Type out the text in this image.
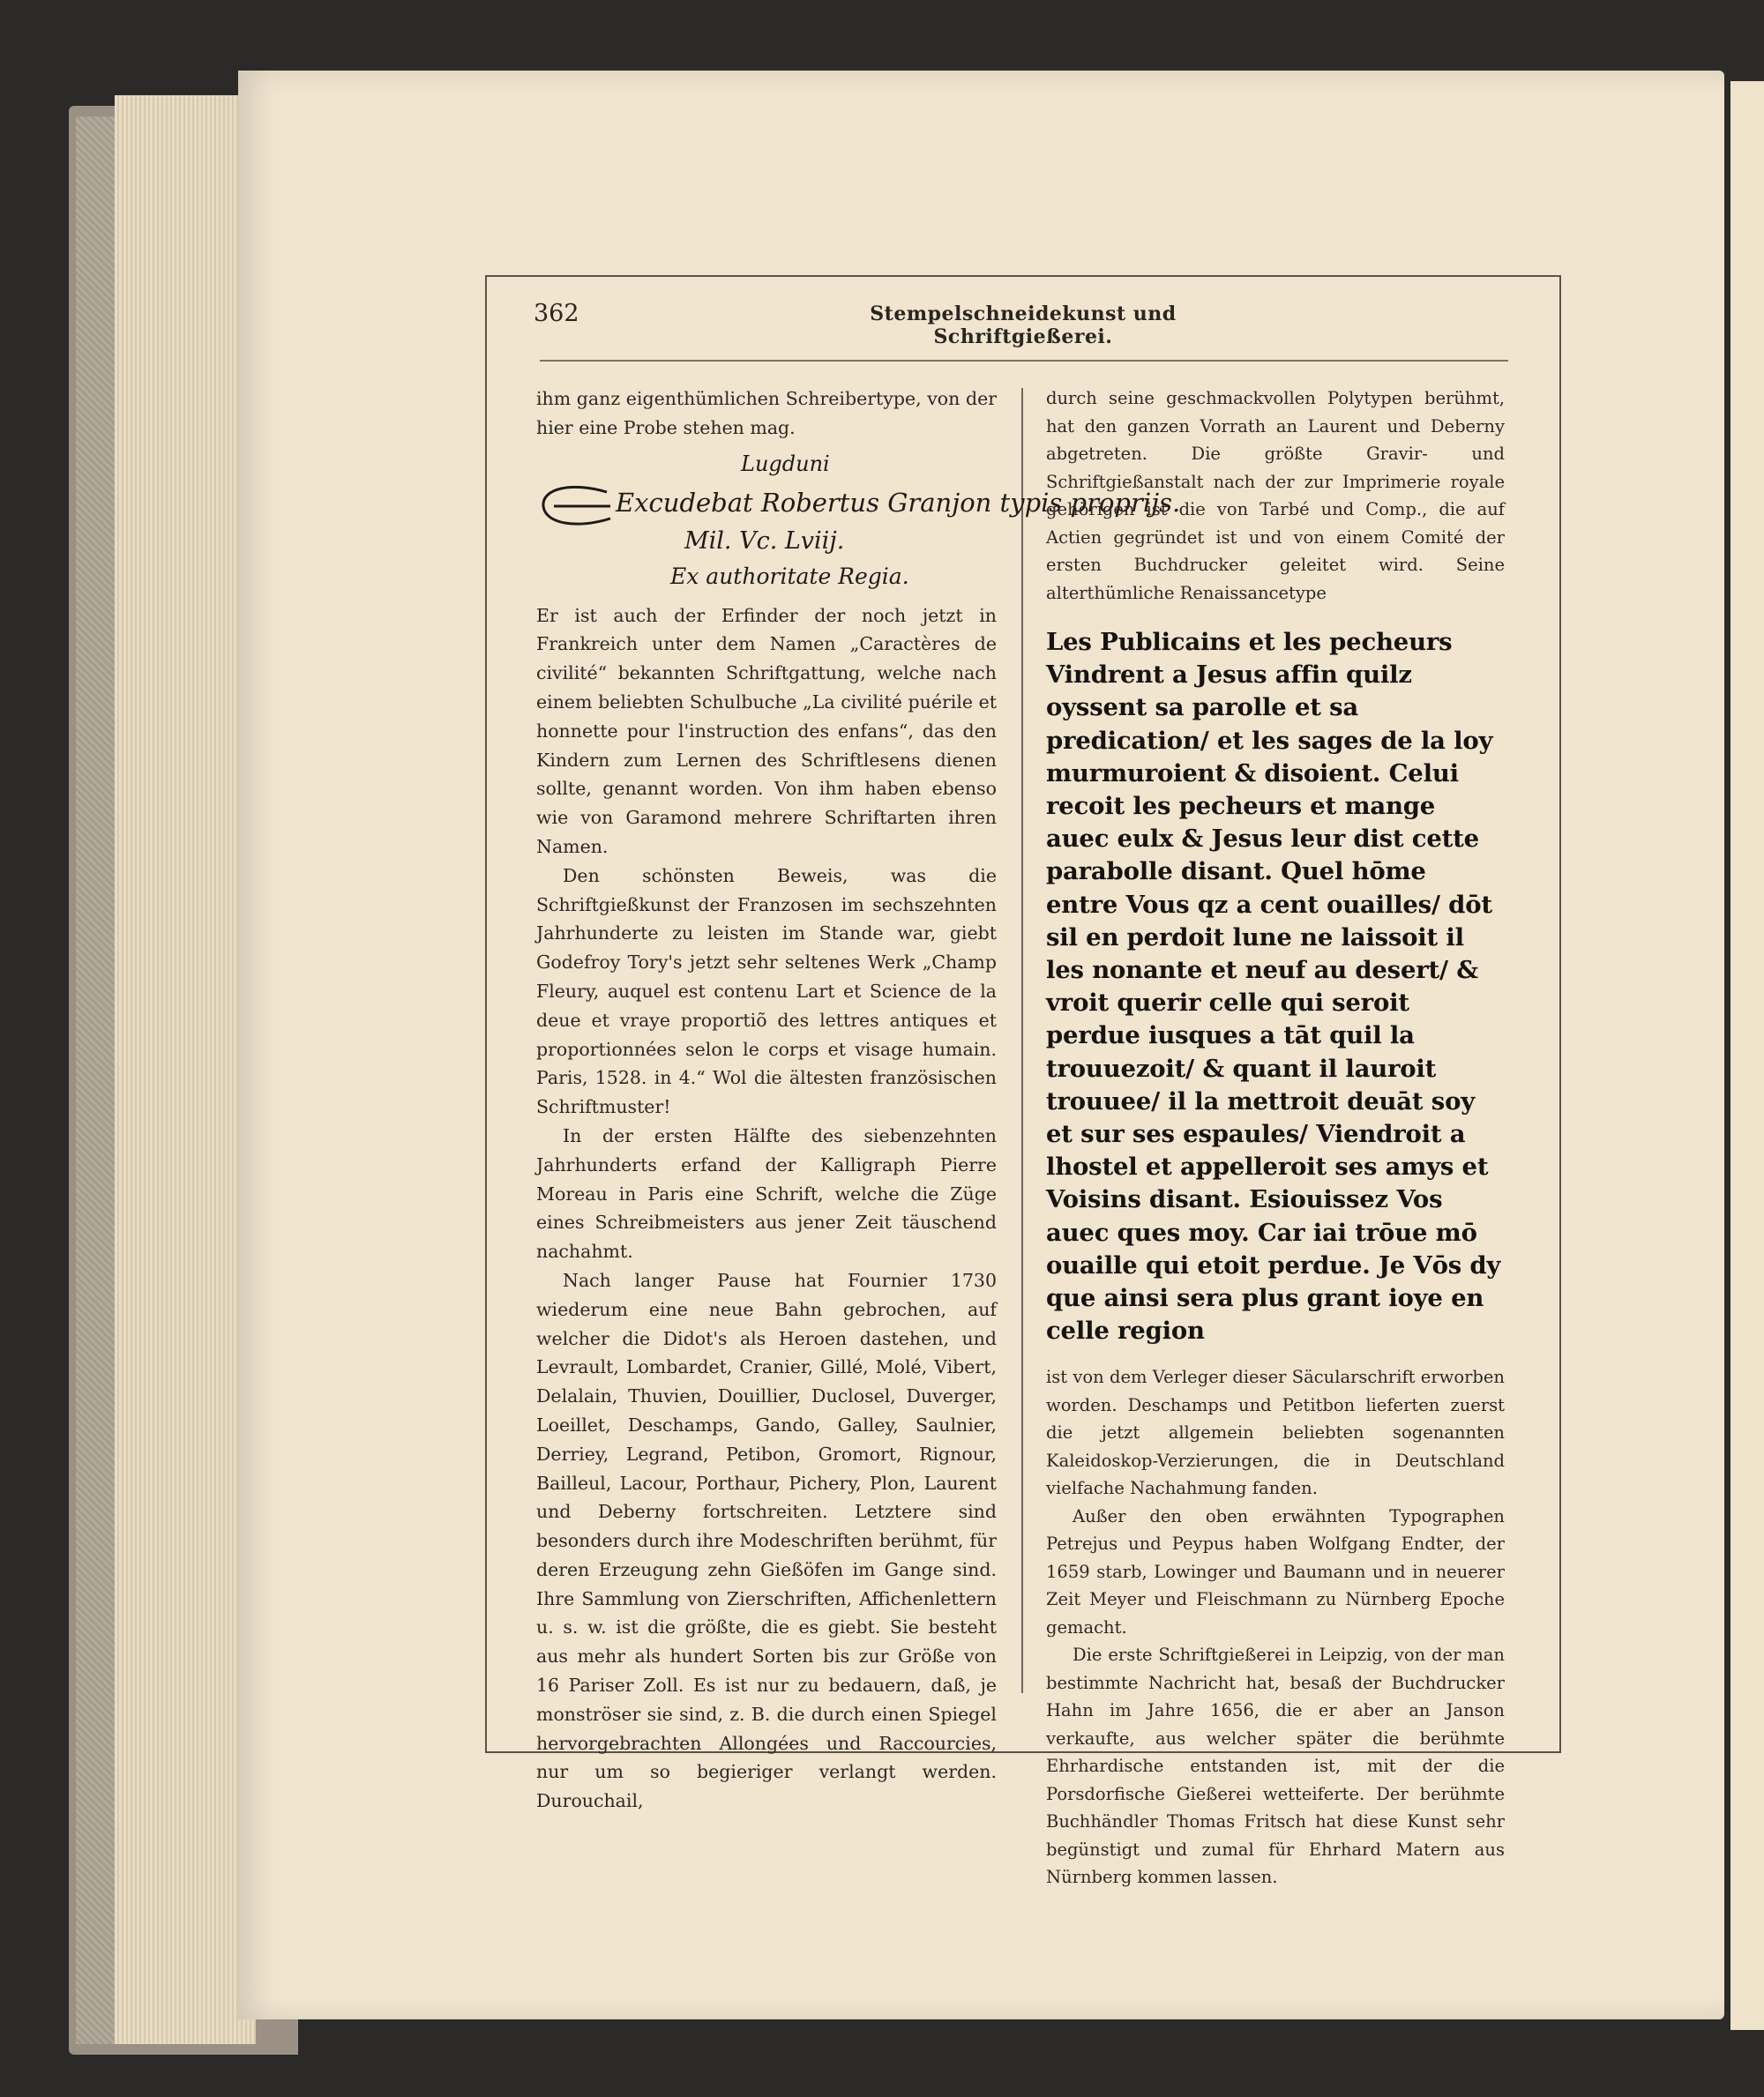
362	Stempelschneidekunst und Schriftgießerei.

ihm ganz eigenthümlichen Schreibertype, von der hier eine Probe stehen mag.

Lugduni
Excudebat Robertus Granjon typis proprijs.
Mil. Vc. Lviij.
Ex authoritate Regia.

Er ist auch der Erfinder der noch jetzt in Frankreich unter dem Namen „Caractères de civilité“ bekannten Schriftgattung, welche nach einem beliebten Schulbuche „La civilité puérile et honnette pour l'instruction des enfans“, das den Kindern zum Lernen des Schriftlesens dienen sollte, genannt worden. Von ihm haben ebenso wie von Garamond mehrere Schriftarten ihren Namen.

Den schönsten Beweis, was die Schriftgießkunst der Franzosen im sechszehnten Jahrhunderte zu leisten im Stande war, giebt Godefroy Tory's jetzt sehr seltenes Werk „Champ Fleury, auquel est contenu Lart et Science de la deue et vraye proportiõ des lettres antiques et proportionnées selon le corps et visage humain. Paris, 1528. in 4.“ Wol die ältesten französischen Schriftmuster!

In der ersten Hälfte des siebenzehnten Jahrhunderts erfand der Kalligraph Pierre Moreau in Paris eine Schrift, welche die Züge eines Schreibmeisters aus jener Zeit täuschend nachahmt.

Nach langer Pause hat Fournier 1730 wiederum eine neue Bahn gebrochen, auf welcher die Didot's als Heroen dastehen, und Levrault, Lombardet, Cranier, Gillé, Molé, Vibert, Delalain, Thuvien, Douillier, Duclosel, Duverger, Loeillet, Deschamps, Gando, Galley, Saulnier, Derriey, Legrand, Petibon, Gromort, Rignour, Bailleul, Lacour, Porthaur, Pichery, Plon, Laurent und Deberny fortschreiten. Letztere sind besonders durch ihre Modeschriften berühmt, für deren Erzeugung zehn Gießöfen im Gange sind. Ihre Sammlung von Zierschriften, Affichenlettern u. s. w. ist die größte, die es giebt. Sie besteht aus mehr als hundert Sorten bis zur Größe von 16 Pariser Zoll. Es ist nur zu bedauern, daß, je monströser sie sind, z. B. die durch einen Spiegel hervorgebrachten Allongées und Raccourcies, nur um so begieriger verlangt werden. Durouchail,

durch seine geschmackvollen Polytypen berühmt, hat den ganzen Vorrath an Laurent und Deberny abgetreten. Die größte Gravir- und Schriftgießanstalt nach der zur Imprimerie royale gehörigen ist die von Tarbé und Comp., die auf Actien gegründet ist und von einem Comité der ersten Buchdrucker geleitet wird. Seine alterthümliche Renaissancetype

Les Publicains et les pecheurs Vindrent a Jesus affin quilz oyssent sa parolle et sa predication/ et les sages de la loy murmuroient & disoient. Celui recoit les pecheurs et mange auec eulx & Jesus leur dist cette parabolle disant. Quel hōme entre Vous qz a cent ouailles/ dōt sil en perdoit lune ne laissoit il les nonante et neuf au desert/ & vroit querir celle qui seroit perdue iusques a tāt quil la trouuezoit/ & quant il lauroit trouuee/ il la mettroit deuāt soy et sur ses espaules/ Viendroit a lhostel et appelleroit ses amys et Voisins disant. Esiouissez Vos auec ques moy. Car iai trōue mō ouaille qui etoit perdue. Je Vōs dy que ainsi sera plus grant ioye en celle region

ist von dem Verleger dieser Säcularschrift erworben worden. Deschamps und Petitbon lieferten zuerst die jetzt allgemein beliebten sogenannten Kaleidoskop-Verzierungen, die in Deutschland vielfache Nachahmung fanden.

Außer den oben erwähnten Typographen Petrejus und Peypus haben Wolfgang Endter, der 1659 starb, Lowinger und Baumann und in neuerer Zeit Meyer und Fleischmann zu Nürnberg Epoche gemacht.

Die erste Schriftgießerei in Leipzig, von der man bestimmte Nachricht hat, besaß der Buchdrucker Hahn im Jahre 1656, die er aber an Janson verkaufte, aus welcher später die berühmte Ehrhardische entstanden ist, mit der die Porsdorfische Gießerei wetteiferte. Der berühmte Buchhändler Thomas Fritsch hat diese Kunst sehr begünstigt und zumal für Ehrhard Matern aus Nürnberg kommen lassen.
